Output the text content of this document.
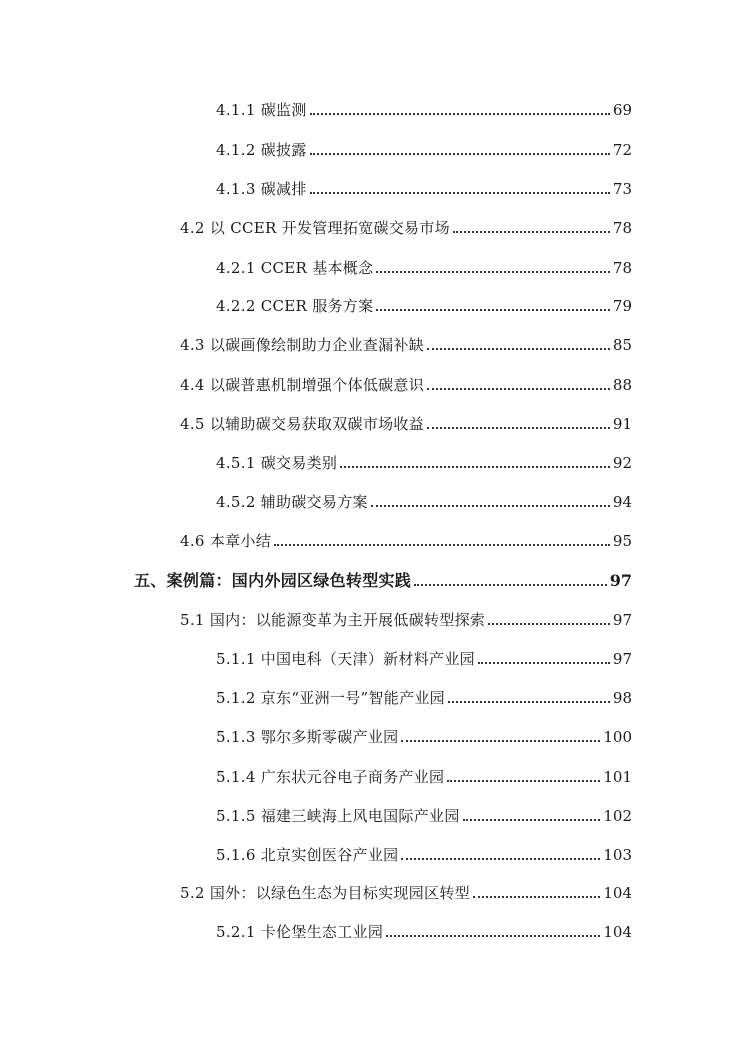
4.1.1 碳监测	69
4.1.2 碳披露	72
4.1.3 碳减排	73
4.2 以 CCER 开发管理拓宽碳交易市场	78
4.2.1 CCER 基本概念	78
4.2.2 CCER 服务方案	79
4.3 以碳画像绘制助力企业查漏补缺	85
4.4 以碳普惠机制增强个体低碳意识	88
4.5 以辅助碳交易获取双碳市场收益	91
4.5.1 碳交易类别	92
4.5.2 辅助碳交易方案	94
4.6 本章小结	95
五、案例篇：国内外园区绿色转型实践	97
5.1 国内：以能源变革为主开展低碳转型探索	97
5.1.1 中国电科（天津）新材料产业园	97
5.1.2 京东“亚洲一号”智能产业园	98
5.1.3 鄂尔多斯零碳产业园	100
5.1.4 广东状元谷电子商务产业园	101
5.1.5 福建三峡海上风电国际产业园	102
5.1.6 北京实创医谷产业园	103
5.2 国外：以绿色生态为目标实现园区转型	104
5.2.1 卡伦堡生态工业园	104
